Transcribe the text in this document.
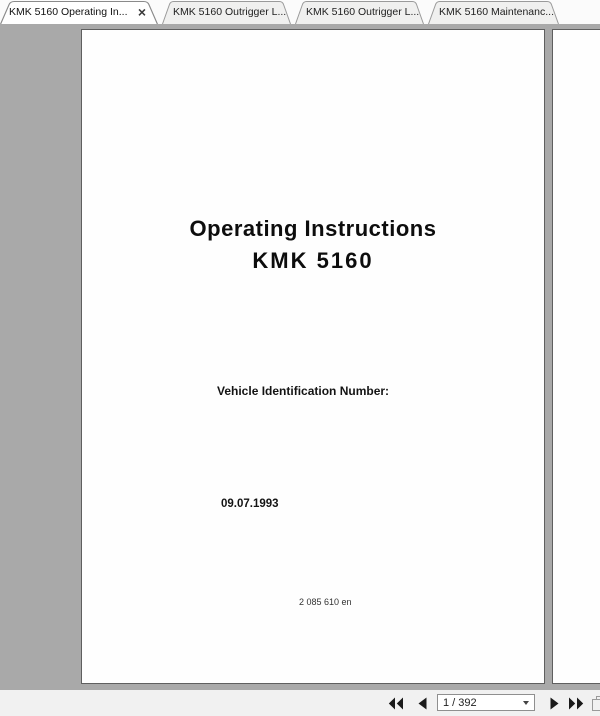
KMK 5160 Operating In... ×	KMK 5160 Outrigger L... KMK 5160 Outrigger L... KMK 5160 Maintenanc...
Operating Instructions
KMK 5160
Vehicle Identification Number:
09.07.1993
2 085 610 en
1 / 392
